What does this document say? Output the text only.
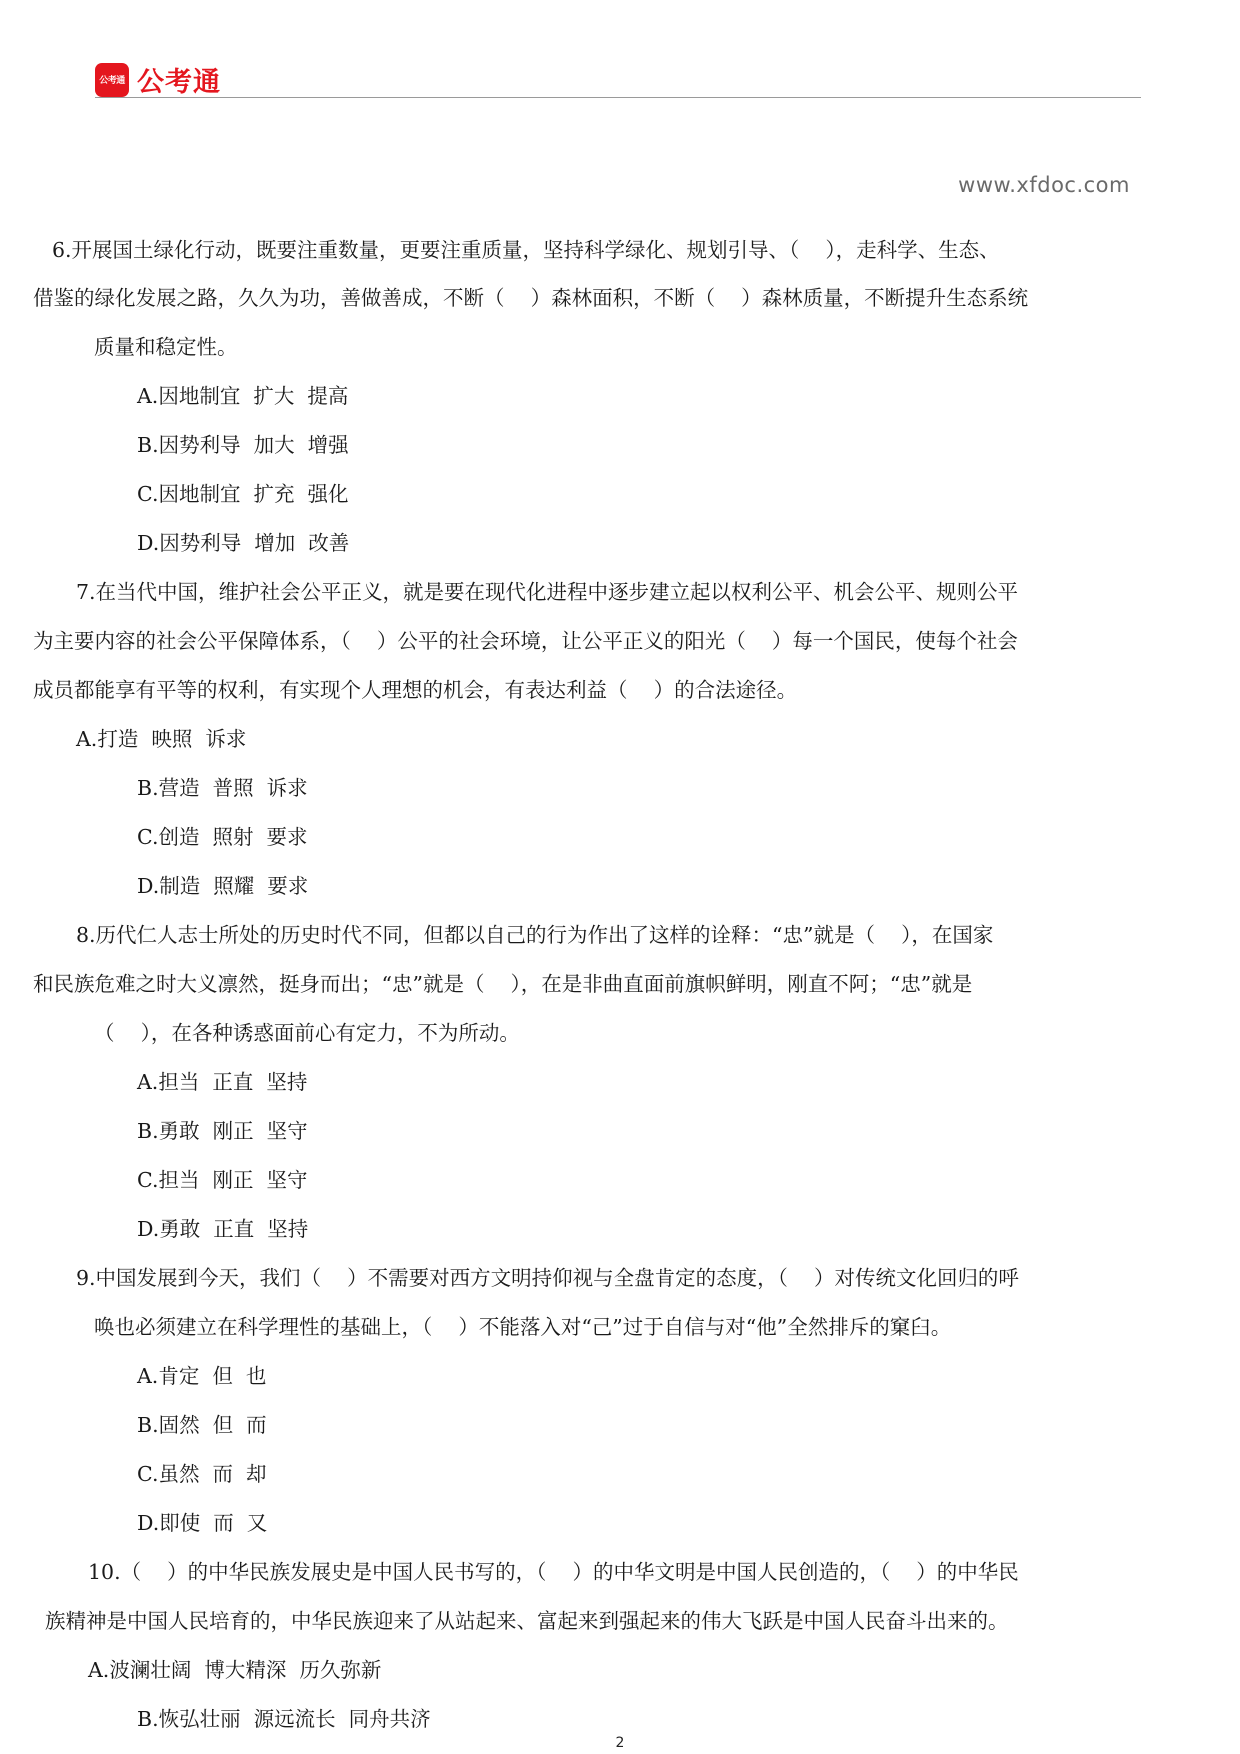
公考通 公考通
www.xfdoc.com
6.开展国土绿化行动，既要注重数量，更要注重质量，坚持科学绿化、规划引导、（    ），走科学、生态、
借鉴的绿化发展之路，久久为功，善做善成，不断（    ）森林面积，不断（    ）森林质量，不断提升生态系统
质量和稳定性。
A.因地制宜  扩大  提高
B.因势利导  加大  增强
C.因地制宜  扩充  强化
D.因势利导  增加  改善
7.在当代中国，维护社会公平正义，就是要在现代化进程中逐步建立起以权利公平、机会公平、规则公平
为主要内容的社会公平保障体系，（    ）公平的社会环境，让公平正义的阳光（    ）每一个国民，使每个社会
成员都能享有平等的权利，有实现个人理想的机会，有表达利益（    ）的合法途径。
A.打造  映照  诉求
B.营造  普照  诉求
C.创造  照射  要求
D.制造  照耀  要求
8.历代仁人志士所处的历史时代不同，但都以自己的行为作出了这样的诠释：“忠”就是（    ），在国家
和民族危难之时大义凛然，挺身而出；“忠”就是（    ），在是非曲直面前旗帜鲜明，刚直不阿；“忠”就是
（    ），在各种诱惑面前心有定力，不为所动。
A.担当  正直  坚持
B.勇敢  刚正  坚守
C.担当  刚正  坚守
D.勇敢  正直  坚持
9.中国发展到今天，我们（    ）不需要对西方文明持仰视与全盘肯定的态度，（    ）对传统文化回归的呼
唤也必须建立在科学理性的基础上，（    ）不能落入对“己”过于自信与对“他”全然排斥的窠臼。
A.肯定  但  也
B.固然  但  而
C.虽然  而  却
D.即使  而  又
10.（    ）的中华民族发展史是中国人民书写的，（    ）的中华文明是中国人民创造的，（    ）的中华民
族精神是中国人民培育的，中华民族迎来了从站起来、富起来到强起来的伟大飞跃是中国人民奋斗出来的。
A.波澜壮阔  博大精深  历久弥新
B.恢弘壮丽  源远流长  同舟共济
2
